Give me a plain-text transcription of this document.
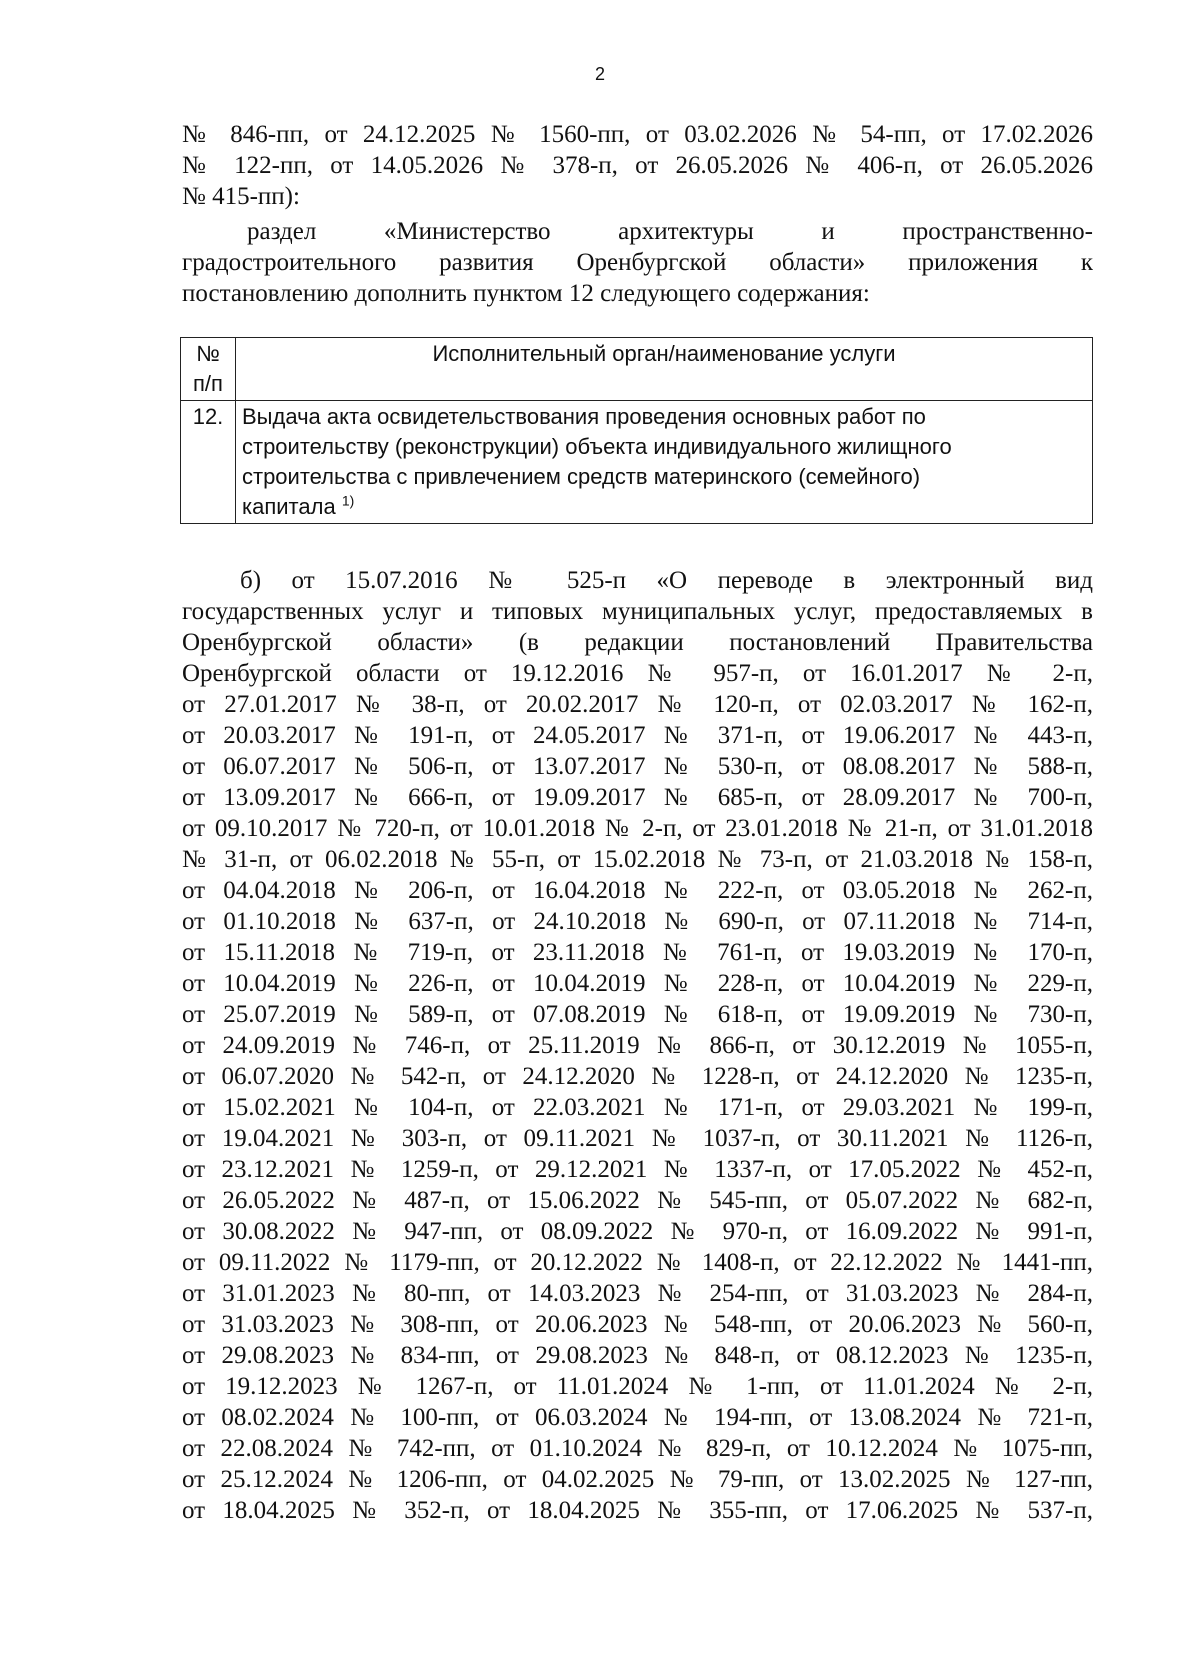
2
№ 846-пп, от 24.12.2025 № 1560-пп, от 03.02.2026 № 54-пп, от 17.02.2026
№ 122-пп, от 14.05.2026 № 378-п, от 26.05.2026 № 406-п, от 26.05.2026
№ 415-пп):
раздел «Министерство архитектуры и пространственно-
градостроительного развития Оренбургской области» приложения к
постановлению дополнить пунктом 12 следующего содержания:
№
п/п	Исполнительный орган/наименование услуги
12.	Выдача акта освидетельствования проведения основных работ по
строительству (реконструкции) объекта индивидуального жилищного
строительства с привлечением средств материнского (семейного)
капитала $^{1)}$
б) от 15.07.2016 № 525-п «О переводе в электронный вид
государственных услуг и типовых муниципальных услуг, предоставляемых в
Оренбургской области» (в редакции постановлений Правительства
Оренбургской области от 19.12.2016 № 957-п, от 16.01.2017 № 2-п,
от 27.01.2017 № 38-п, от 20.02.2017 № 120-п, от 02.03.2017 № 162-п,
от 20.03.2017 № 191-п, от 24.05.2017 № 371-п, от 19.06.2017 № 443-п,
от 06.07.2017 № 506-п, от 13.07.2017 № 530-п, от 08.08.2017 № 588-п,
от 13.09.2017 № 666-п, от 19.09.2017 № 685-п, от 28.09.2017 № 700-п,
от 09.10.2017 № 720-п, от 10.01.2018 № 2-п, от 23.01.2018 № 21-п, от 31.01.2018
№ 31-п, от 06.02.2018 № 55-п, от 15.02.2018 № 73-п, от 21.03.2018 № 158-п,
от 04.04.2018 № 206-п, от 16.04.2018 № 222-п, от 03.05.2018 № 262-п,
от 01.10.2018 № 637-п, от 24.10.2018 № 690-п, от 07.11.2018 № 714-п,
от 15.11.2018 № 719-п, от 23.11.2018 № 761-п, от 19.03.2019 № 170-п,
от 10.04.2019 № 226-п, от 10.04.2019 № 228-п, от 10.04.2019 № 229-п,
от 25.07.2019 № 589-п, от 07.08.2019 № 618-п, от 19.09.2019 № 730-п,
от 24.09.2019 № 746-п, от 25.11.2019 № 866-п, от 30.12.2019 № 1055-п,
от 06.07.2020 № 542-п, от 24.12.2020 № 1228-п, от 24.12.2020 № 1235-п,
от 15.02.2021 № 104-п, от 22.03.2021 № 171-п, от 29.03.2021 № 199-п,
от 19.04.2021 № 303-п, от 09.11.2021 № 1037-п, от 30.11.2021 № 1126-п,
от 23.12.2021 № 1259-п, от 29.12.2021 № 1337-п, от 17.05.2022 № 452-п,
от 26.05.2022 № 487-п, от 15.06.2022 № 545-пп, от 05.07.2022 № 682-п,
от 30.08.2022 № 947-пп, от 08.09.2022 № 970-п, от 16.09.2022 № 991-п,
от 09.11.2022 № 1179-пп, от 20.12.2022 № 1408-п, от 22.12.2022 № 1441-пп,
от 31.01.2023 № 80-пп, от 14.03.2023 № 254-пп, от 31.03.2023 № 284-п,
от 31.03.2023 № 308-пп, от 20.06.2023 № 548-пп, от 20.06.2023 № 560-п,
от 29.08.2023 № 834-пп, от 29.08.2023 № 848-п, от 08.12.2023 № 1235-п,
от 19.12.2023 № 1267-п, от 11.01.2024 № 1-пп, от 11.01.2024 № 2-п,
от 08.02.2024 № 100-пп, от 06.03.2024 № 194-пп, от 13.08.2024 № 721-п,
от 22.08.2024 № 742-пп, от 01.10.2024 № 829-п, от 10.12.2024 № 1075-пп,
от 25.12.2024 № 1206-пп, от 04.02.2025 № 79-пп, от 13.02.2025 № 127-пп,
от 18.04.2025 № 352-п, от 18.04.2025 № 355-пп, от 17.06.2025 № 537-п,
